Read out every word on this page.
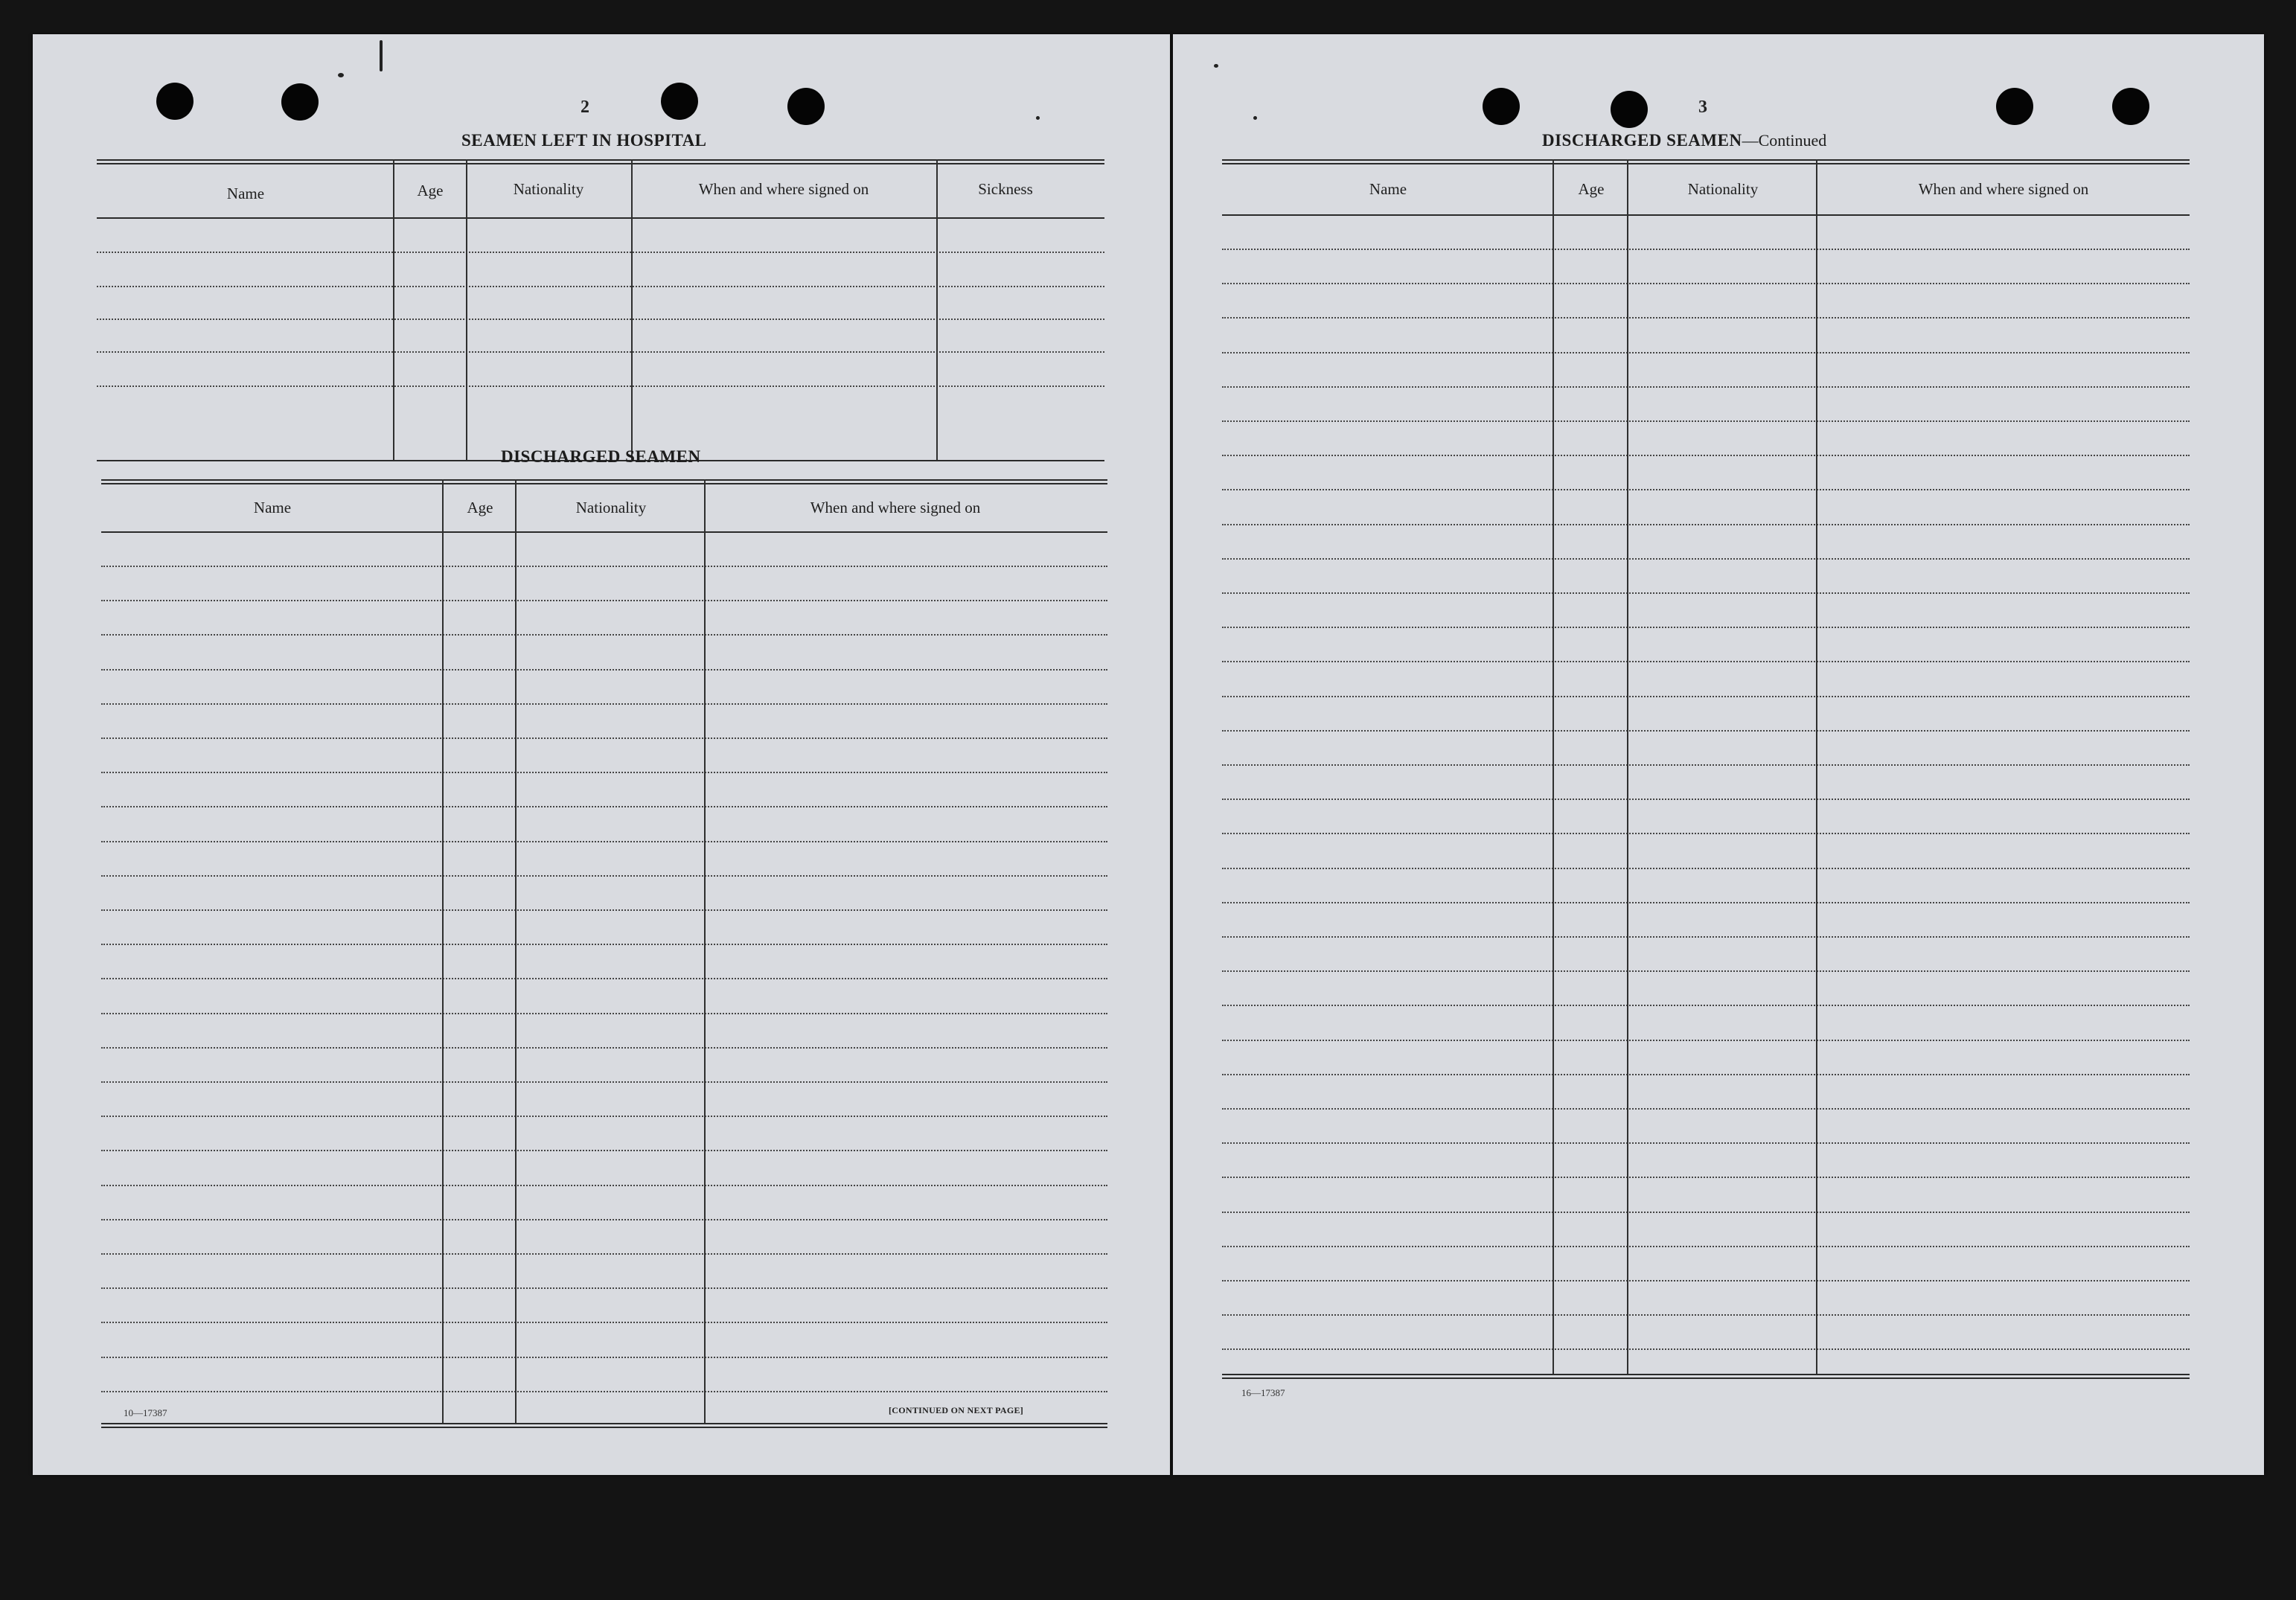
2
SEAMEN LEFT IN HOSPITAL
Name	Age	Nationality	When and where signed on	Sickness
DISCHARGED SEAMEN
Name	Age	Nationality	When and where signed on
10—17387	[CONTINUED ON NEXT PAGE]
3
DISCHARGED SEAMEN—Continued
Name	Age	Nationality	When and where signed on
16—17387
